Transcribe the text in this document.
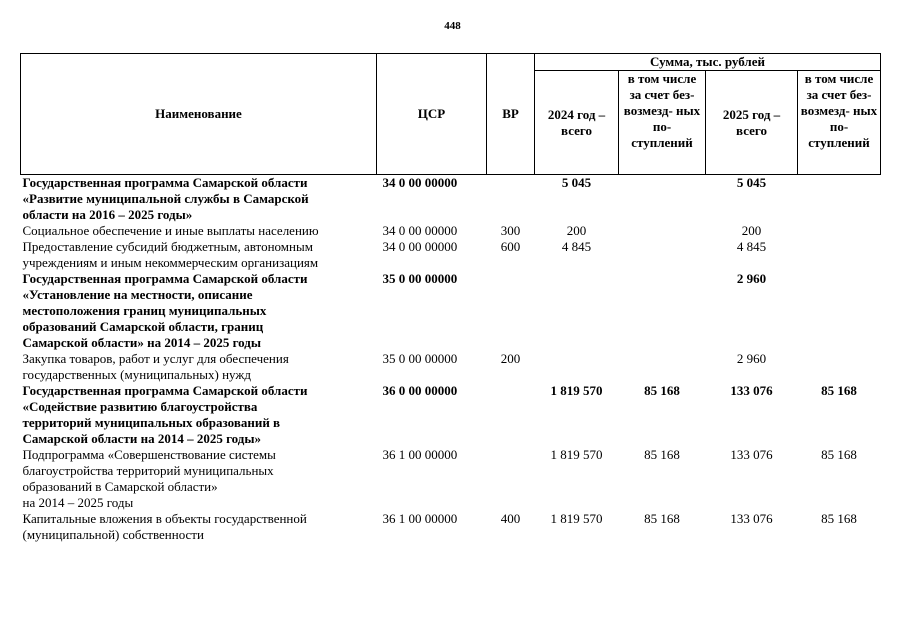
448
Наименование	ЦСР	ВР	Сумма, тыс. рублей			
			2024 год – всего	в том числе за счет без- возмезд- ных по- ступлений	2025 год – всего	в том числе за счет без- возмезд- ных по- ступлений
Государственная программа Самарской области
«Развитие муниципальной службы в Самарской
области на 2016 – 2025 годы»	34 0 00 00000		5 045		5 045	
Социальное обеспечение и иные выплаты населению	34 0 00 00000	300	200		200	
Предоставление субсидий бюджетным, автономным
учреждениям и иным некоммерческим организациям	34 0 00 00000	600	4 845		4 845	
Государственная программа Самарской области
«Установление на местности, описание
местоположения границ муниципальных
образований Самарской области, границ
Самарской области» на 2014 – 2025 годы	35 0 00 00000				2 960	
Закупка товаров, работ и услуг для обеспечения
государственных (муниципальных) нужд	35 0 00 00000	200			2 960	
Государственная программа Самарской области
«Содействие развитию благоустройства
территорий муниципальных образований в
Самарской области на 2014 – 2025 годы»	36 0 00 00000		1 819 570	85 168	133 076	85 168
Подпрограмма «Совершенствование системы
благоустройства территорий муниципальных
образований в Самарской области»
на 2014 – 2025 годы	36 1 00 00000		1 819 570	85 168	133 076	85 168
Капитальные вложения в объекты государственной
(муниципальной) собственности	36 1 00 00000	400	1 819 570	85 168	133 076	85 168
